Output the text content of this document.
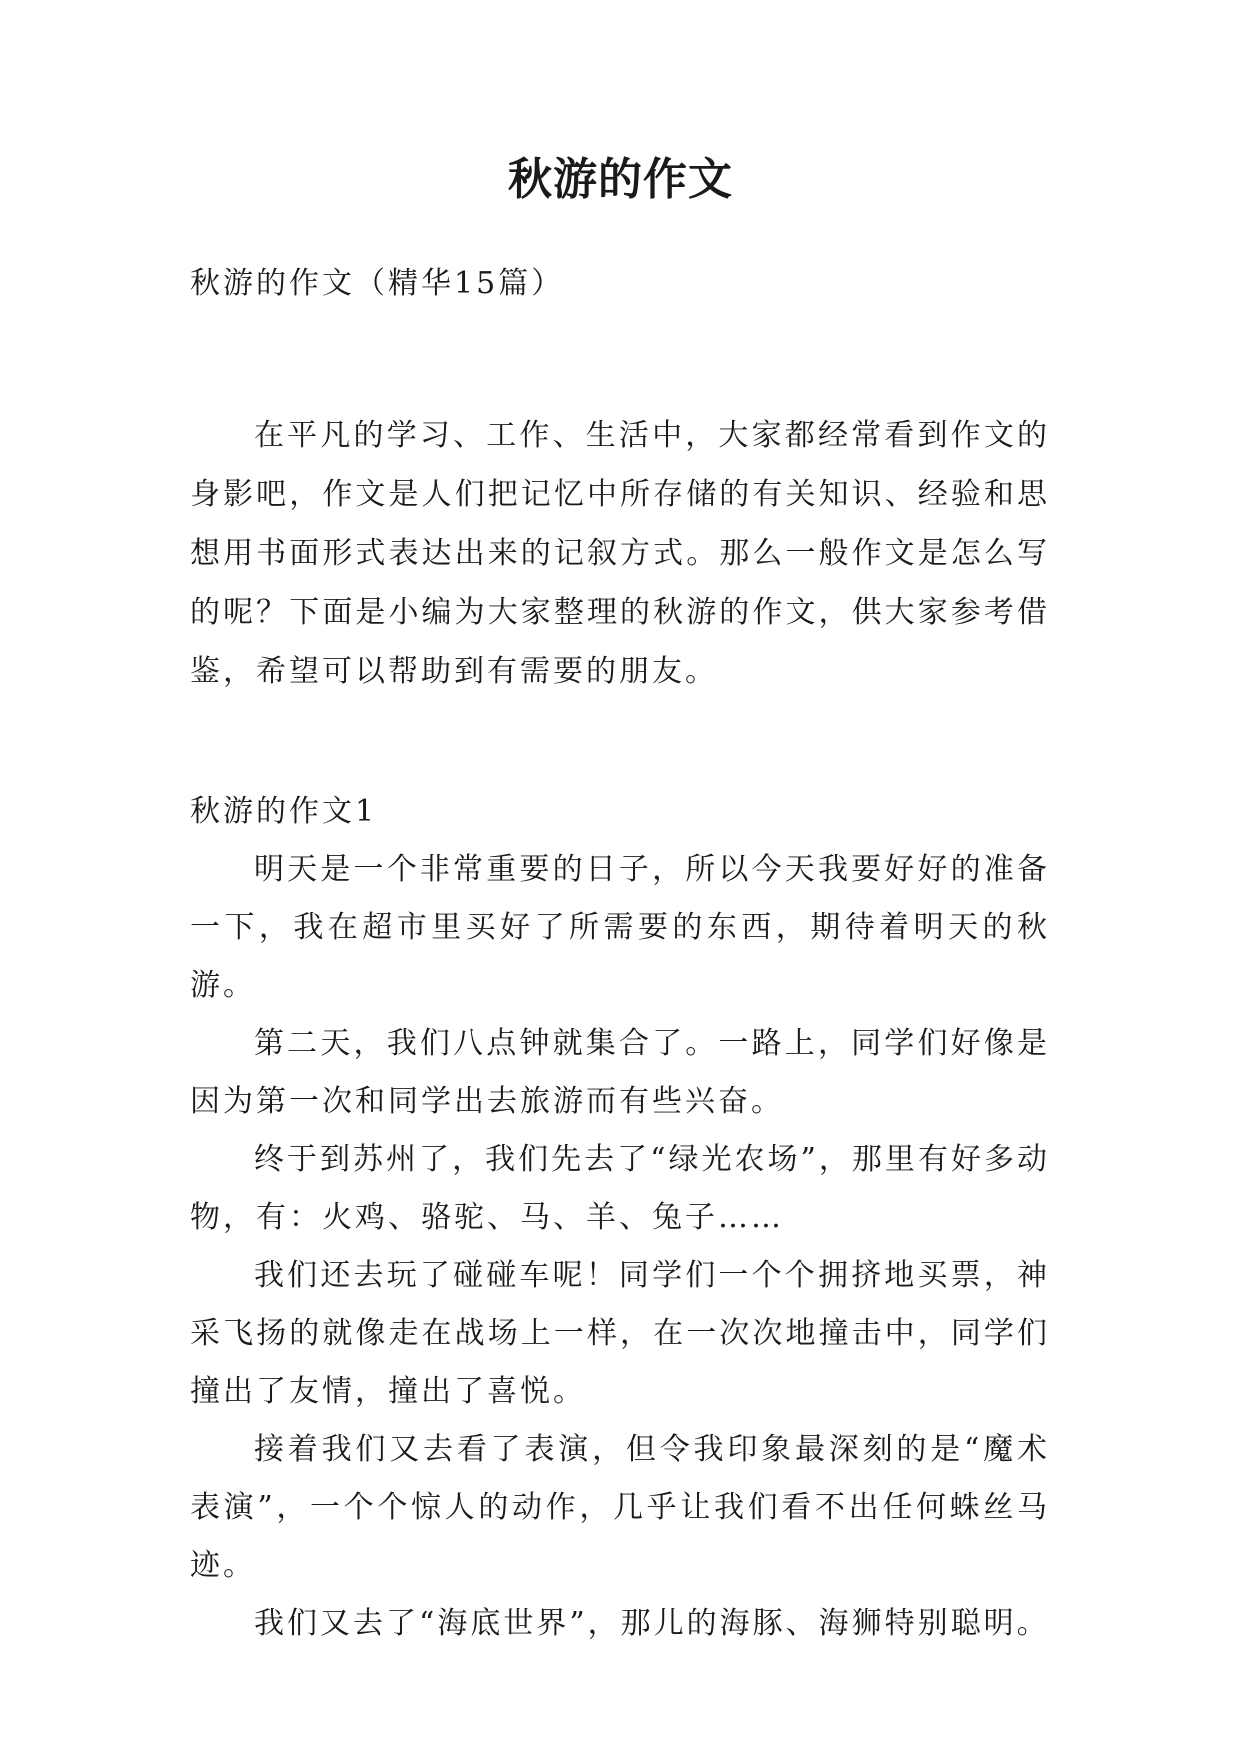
秋游的作文
秋游的作文（精华15篇）

在平凡的学习、工作、生活中，大家都经常看到作文的身影吧，作文是人们把记忆中所存储的有关知识、经验和思想用书面形式表达出来的记叙方式。那么一般作文是怎么写的呢？下面是小编为大家整理的秋游的作文，供大家参考借鉴，希望可以帮助到有需要的朋友。

秋游的作文1

明天是一个非常重要的日子，所以今天我要好好的准备一下，我在超市里买好了所需要的东西，期待着明天的秋游。

第二天，我们八点钟就集合了。一路上，同学们好像是因为第一次和同学出去旅游而有些兴奋。

终于到苏州了，我们先去了“绿光农场”，那里有好多动物，有：火鸡、骆驼、马、羊、兔子……

我们还去玩了碰碰车呢！同学们一个个拥挤地买票，神采飞扬的就像走在战场上一样，在一次次地撞击中，同学们撞出了友情，撞出了喜悦。

接着我们又去看了表演，但令我印象最深刻的是“魔术表演”，一个个惊人的动作，几乎让我们看不出任何蛛丝马迹。

我们又去了“海底世界”，那儿的海豚、海狮特别聪明。
